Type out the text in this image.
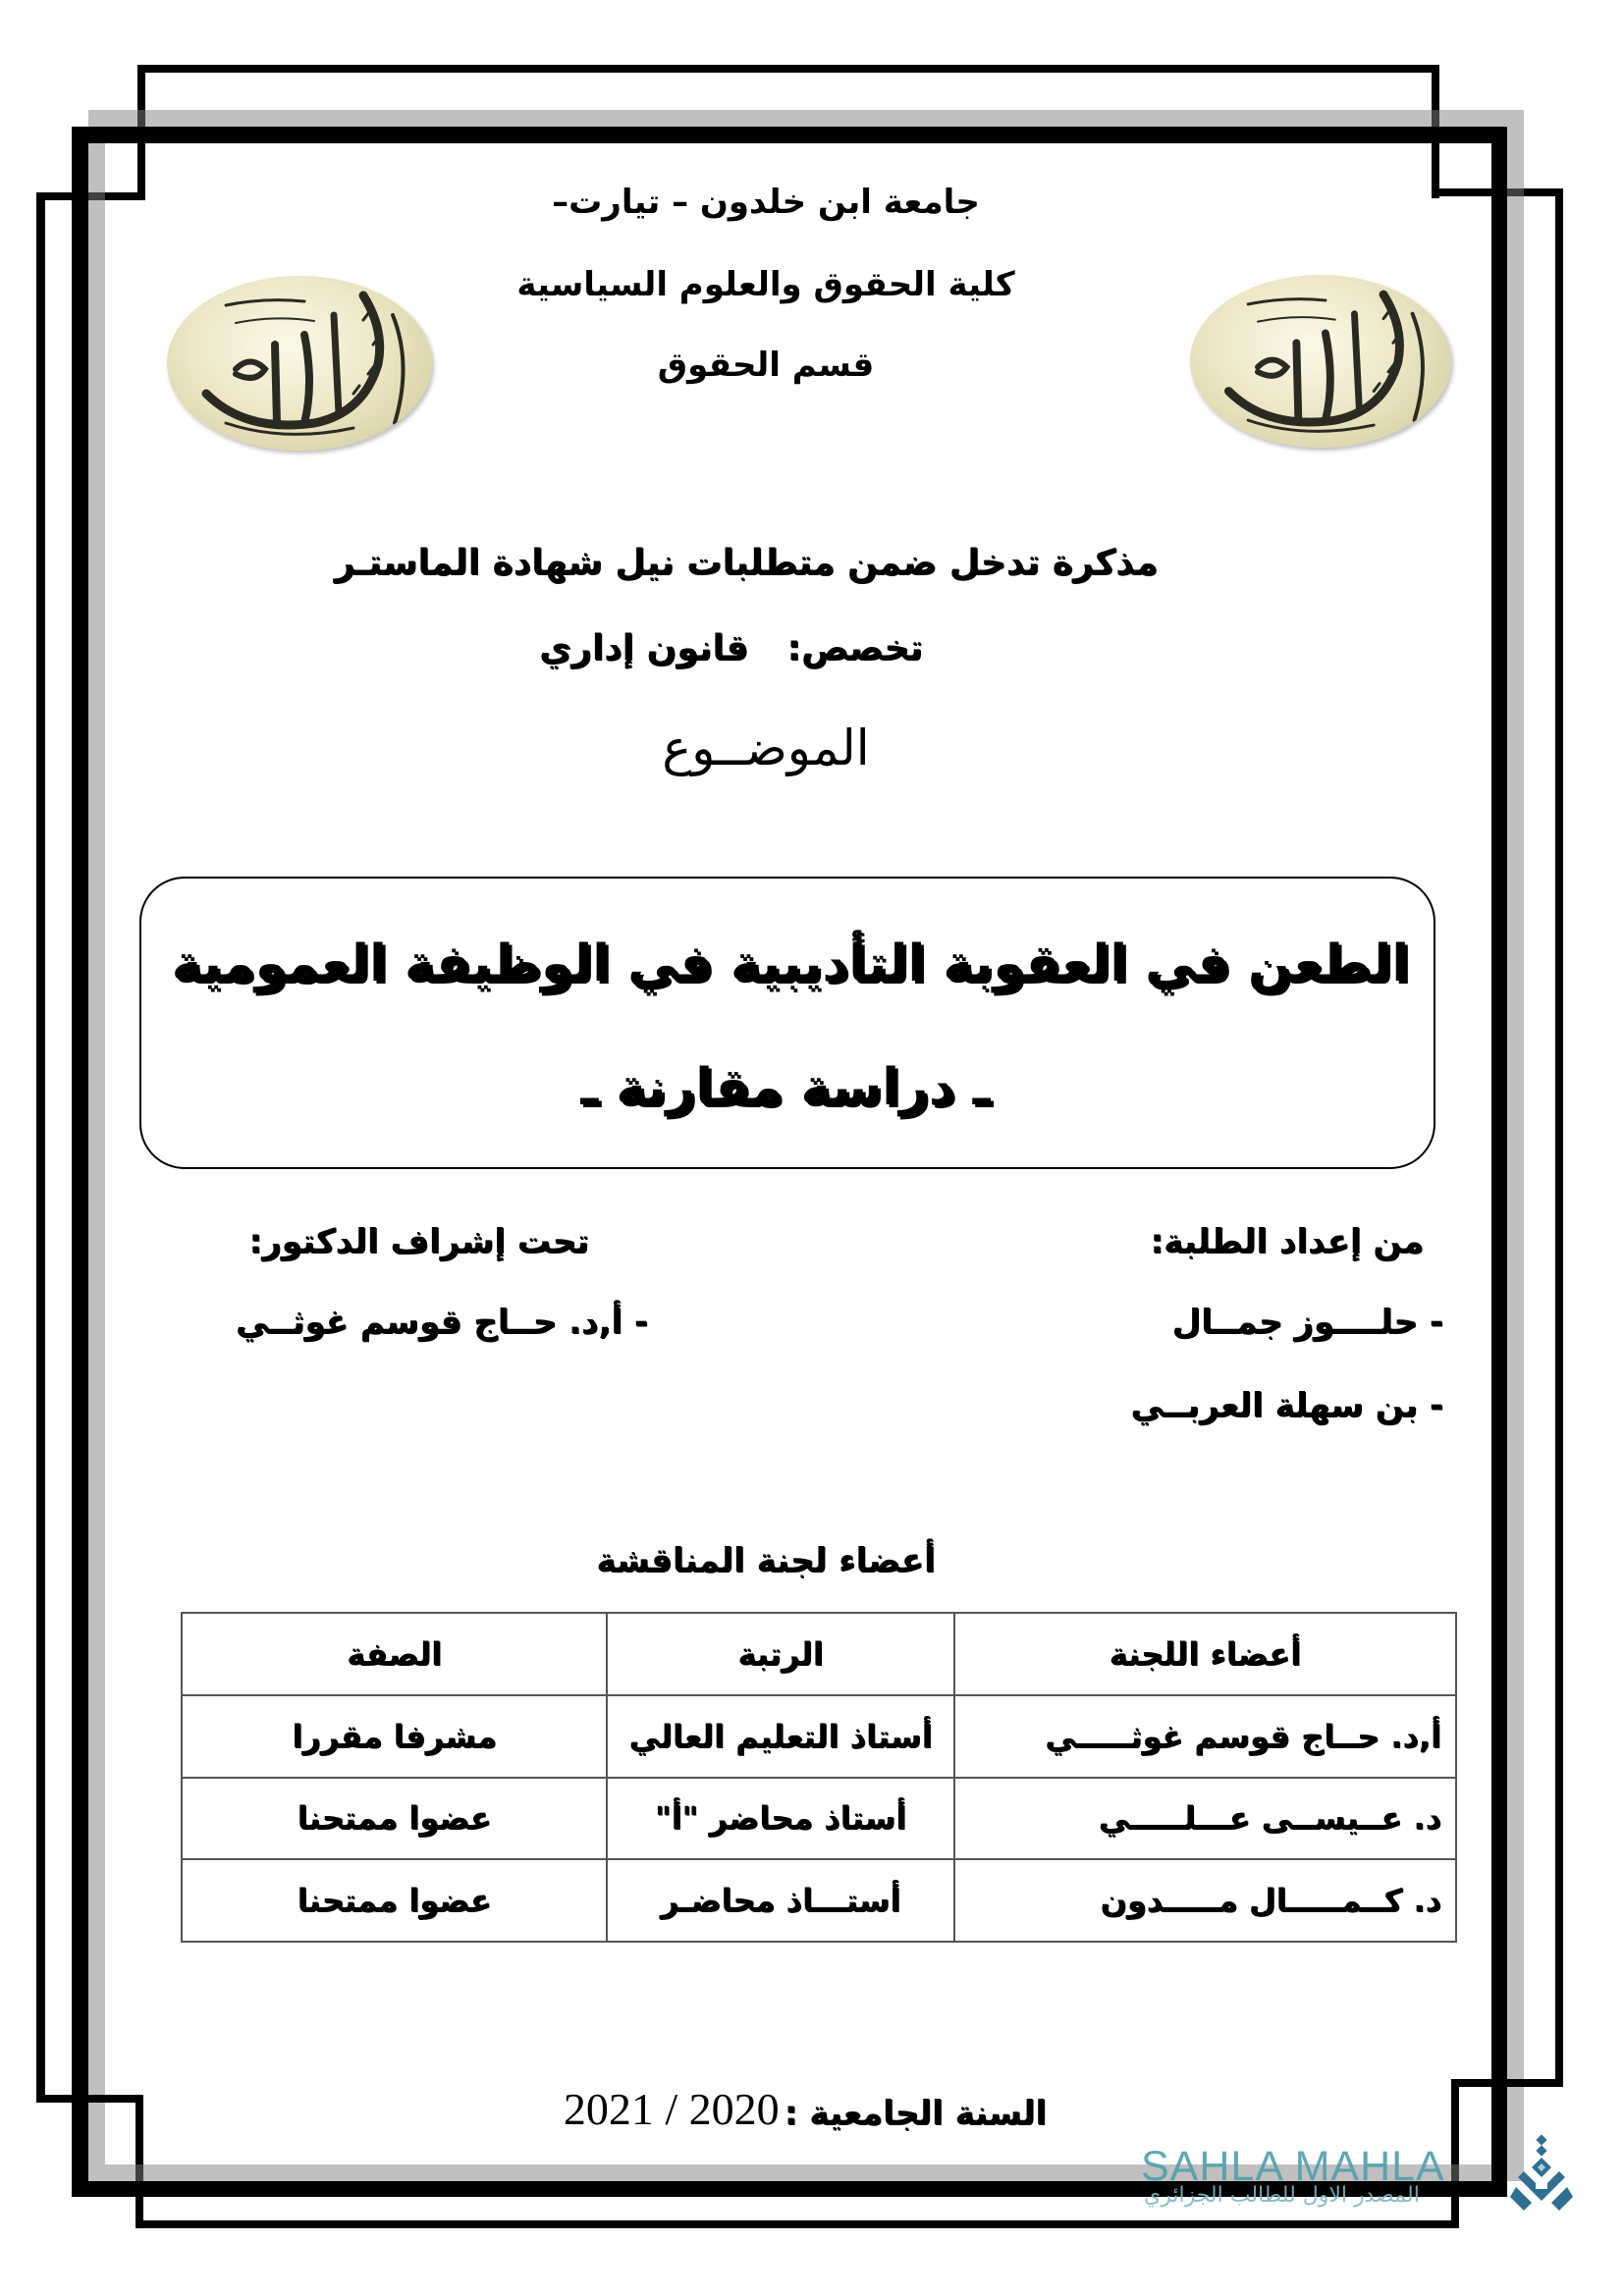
جامعة ابن خلدون – تيارت–
كلية الحقوق والعلوم السياسية
قسم الحقوق
مذكرة تدخل ضمن متطلبات نيل شهادة الماستـر
تخصص:  قانون إداري
الموضــوع
الطعن في العقوبة التأديبية في الوظيفة العمومية
ـ دراسة مقارنة ـ
من إعداد الطلبة:
- حلــــوز جمــال
- بن سهلة العربــي
تحت إشراف الدكتور:
- أ,د. حــاج قوسم غوثــي
أعضاء لجنة المناقشة
أعضاء اللجنة	الرتبة	الصفة
أ,د. حــاج قوسم غوثـــــي	أستاذ التعليم العالي	مشرفا مقررا
د. عــيســى عـــلـــــي	أستاذ محاضر "أ"	عضوا ممتحنا
د. كــمـــــال مـــــدون	أستـــاذ محاضـر	عضوا ممتحنا
السنة الجامعية : 2021 / 2020
SAHLA MAHLA
المصدر الاول للطالب الجزائري
